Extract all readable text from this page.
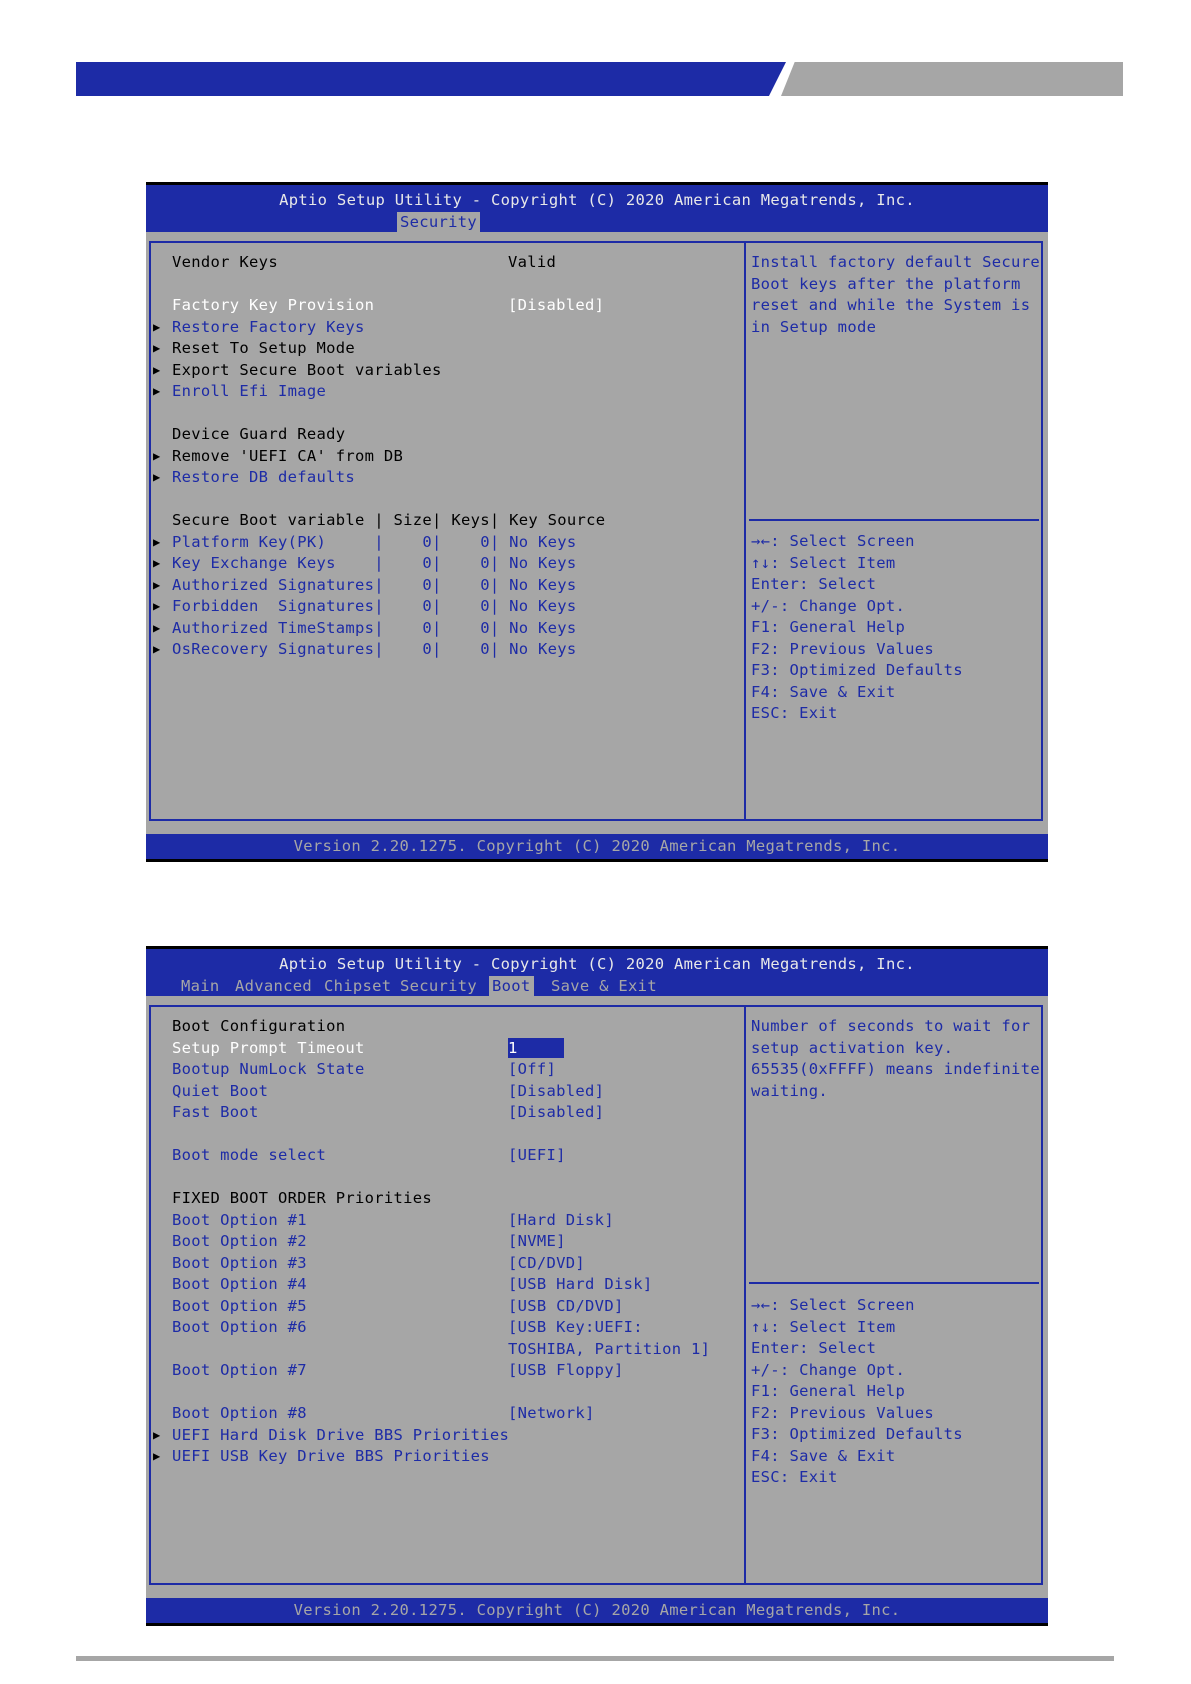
Aptio Setup Utility - Copyright (C) 2020 American Megatrends, Inc.
Security
Vendor Keys	Valid
Factory Key Provision	[Disabled]
▶ Restore Factory Keys
▶ Reset To Setup Mode
▶ Export Secure Boot variables
▶ Enroll Efi Image
Device Guard Ready
▶ Remove 'UEFI CA' from DB
▶ Restore DB defaults
Secure Boot variable | Size| Keys| Key Source
▶ Platform Key(PK)     |    0|    0| No Keys
▶ Key Exchange Keys    |    0|    0| No Keys
▶ Authorized Signatures|    0|    0| No Keys
▶ Forbidden  Signatures|    0|    0| No Keys
▶ Authorized TimeStamps|    0|    0| No Keys
▶ OsRecovery Signatures|    0|    0| No Keys
Install factory default Secure
Boot keys after the platform
reset and while the System is
in Setup mode
→←: Select Screen
↑↓: Select Item
Enter: Select
+/-: Change Opt.
F1: General Help
F2: Previous Values
F3: Optimized Defaults
F4: Save & Exit
ESC: Exit
Version 2.20.1275. Copyright (C) 2020 American Megatrends, Inc.
Aptio Setup Utility - Copyright (C) 2020 American Megatrends, Inc.
Main Advanced Chipset Security Boot Save & Exit
Boot Configuration
Setup Prompt Timeout	1
Bootup NumLock State	[Off]
Quiet Boot	[Disabled]
Fast Boot	[Disabled]
Boot mode select	[UEFI]
FIXED BOOT ORDER Priorities
Boot Option #1	[Hard Disk]
Boot Option #2	[NVME]
Boot Option #3	[CD/DVD]
Boot Option #4	[USB Hard Disk]
Boot Option #5	[USB CD/DVD]
Boot Option #6	[USB Key:UEFI:
TOSHIBA, Partition 1]
Boot Option #7	[USB Floppy]
Boot Option #8	[Network]
▶ UEFI Hard Disk Drive BBS Priorities
▶ UEFI USB Key Drive BBS Priorities
Number of seconds to wait for
setup activation key.
65535(0xFFFF) means indefinite
waiting.
→←: Select Screen
↑↓: Select Item
Enter: Select
+/-: Change Opt.
F1: General Help
F2: Previous Values
F3: Optimized Defaults
F4: Save & Exit
ESC: Exit
Version 2.20.1275. Copyright (C) 2020 American Megatrends, Inc.
